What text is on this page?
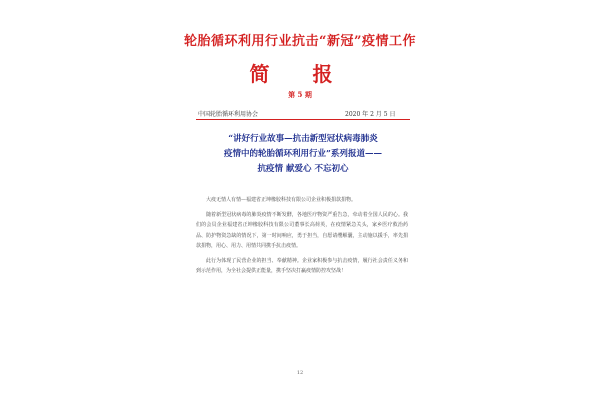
轮胎循环利用行业抗击“新冠”疫情工作
简 报
第 5 期
中国轮胎循环利用协会	2020 年 2 月 5 日
“讲好行业故事—抗击新型冠状病毒肺炎
疫情中的轮胎循环利用行业”系列报道——
抗疫情 献爱心 不忘初心

大疫无情人有情—福建省正坤橡胶科技有限公司企业积极捐款捐物。

随着新型冠状病毒的肺炎疫情不断发酵，各地医疗物资严重告急，牵动着全国人民的心。我们的会员企业福建省正坤橡胶科技有限公司董事长高荷英，在疫情紧急关头，家乡医疗救治药品、防护物资急缺的情况下，第一时间响应，勇于担当，自愿请缨解囊，主动施以援手，率先捐款捐物，用心、用力、用情共同携手抗击疫情。

此行为体现了民营企业的担当、奉献精神。企业家积极参与抗击疫情，履行社会责任义务和到示范作用，为全社会提供正能量，携手坚决打赢疫情防控攻坚战！

12
